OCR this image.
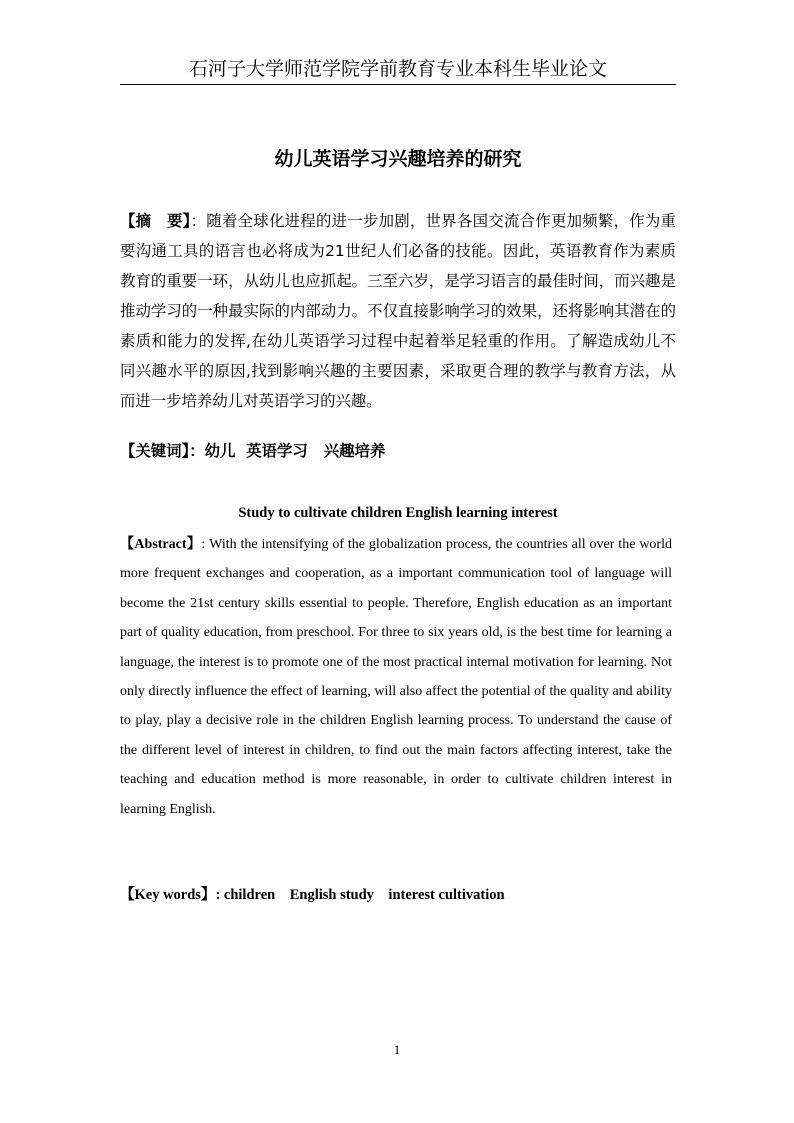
石河子大学师范学院学前教育专业本科生毕业论文
幼儿英语学习兴趣培养的研究
【摘　要】：随着全球化进程的进一步加剧，世界各国交流合作更加频繁，作为重要沟通工具的语言也必将成为21世纪人们必备的技能。因此，英语教育作为素质教育的重要一环，从幼儿也应抓起。三至六岁，是学习语言的最佳时间，而兴趣是推动学习的一种最实际的内部动力。不仅直接影响学习的效果，还将影响其潜在的素质和能力的发挥,在幼儿英语学习过程中起着举足轻重的作用。了解造成幼儿不同兴趣水平的原因,找到影响兴趣的主要因素，采取更合理的教学与教育方法，从而进一步培养幼儿对英语学习的兴趣。
【关键词】：幼儿  英语学习   兴趣培养
Study to cultivate children English learning interest
【Abstract】: With the intensifying of the globalization process, the countries all over the world more frequent exchanges and cooperation, as a important communication tool of language will become the 21st century skills essential to people. Therefore, English education as an important part of quality education, from preschool. For three to six years old, is the best time for learning a language, the interest is to promote one of the most practical internal motivation for learning. Not only directly influence the effect of learning, will also affect the potential of the quality and ability to play, play a decisive role in the children English learning process. To understand the cause of the different level of interest in children, to find out the main factors affecting interest, take the teaching and education method is more reasonable, in order to cultivate children interest in learning English.
【Key words】: children    English study    interest cultivation
1
